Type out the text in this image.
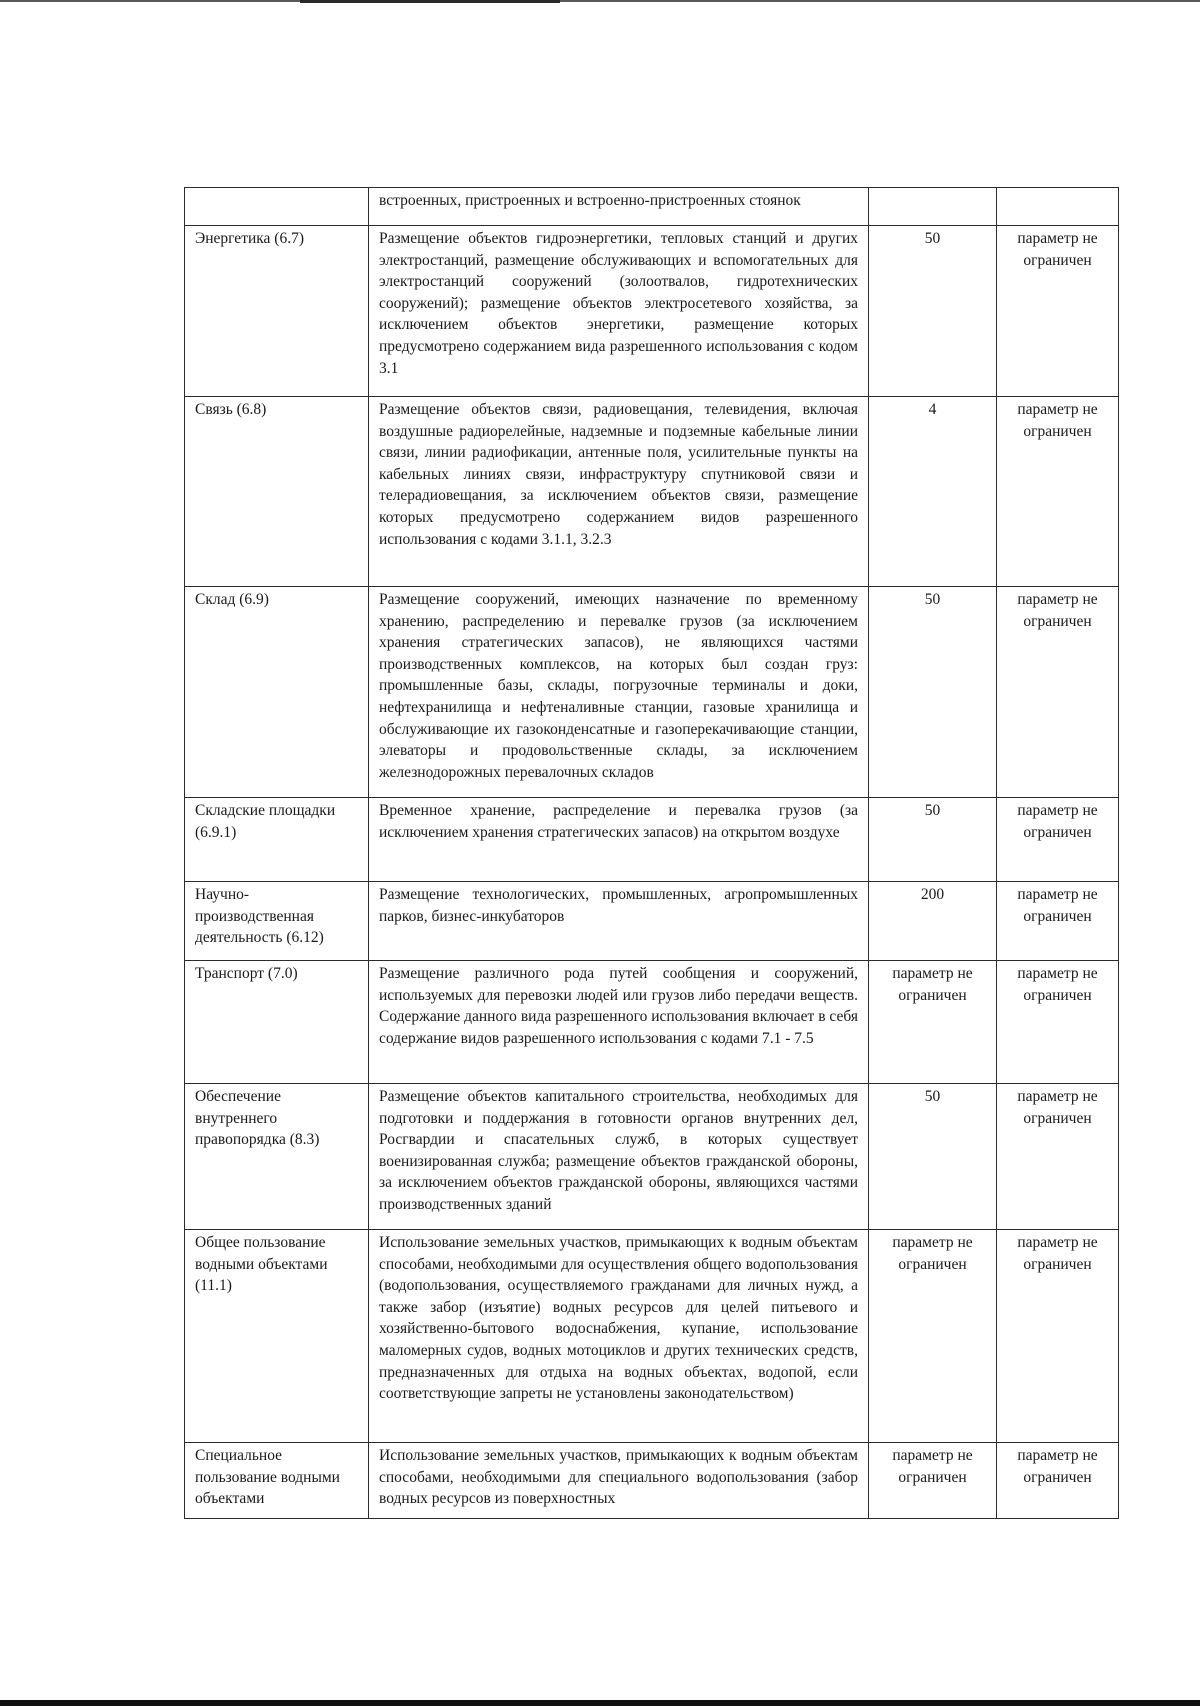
	встроенных, пристроенных и встроенно-пристроенных стоянок		
Энергетика (6.7)	Размещение объектов гидроэнергетики, тепловых станций и других электростанций, размещение обслуживающих и вспомогательных для электростанций сооружений (золоотвалов, гидротехнических сооружений); размещение объектов электросетевого хозяйства, за исключением объектов энергетики, размещение которых предусмотрено содержанием вида разрешенного использования с кодом 3.1	50	параметр не ограничен
Связь (6.8)	Размещение объектов связи, радиовещания, телевидения, включая воздушные радиорелейные, надземные и подземные кабельные линии связи, линии радиофикации, антенные поля, усилительные пункты на кабельных линиях связи, инфраструктуру спутниковой связи и телерадиовещания, за исключением объектов связи, размещение которых предусмотрено содержанием видов разрешенного использования с кодами 3.1.1, 3.2.3	4	параметр не ограничен
Склад (6.9)	Размещение сооружений, имеющих назначение по временному хранению, распределению и перевалке грузов (за исключением хранения стратегических запасов), не являющихся частями производственных комплексов, на которых был создан груз: промышленные базы, склады, погрузочные терминалы и доки, нефтехранилища и нефтеналивные станции, газовые хранилища и обслуживающие их газоконденсатные и газоперекачивающие станции, элеваторы и продовольственные склады, за исключением железнодорожных перевалочных складов	50	параметр не ограничен
Складские площадки (6.9.1)	Временное хранение, распределение и перевалка грузов (за исключением хранения стратегических запасов) на открытом воздухе	50	параметр не ограничен
Научно-производственная деятельность (6.12)	Размещение технологических, промышленных, агропромышленных парков, бизнес-инкубаторов	200	параметр не ограничен
Транспорт (7.0)	Размещение различного рода путей сообщения и сооружений, используемых для перевозки людей или грузов либо передачи веществ. Содержание данного вида разрешенного использования включает в себя содержание видов разрешенного использования с кодами 7.1 - 7.5	параметр не ограничен	параметр не ограничен
Обеспечение внутреннего правопорядка (8.3)	Размещение объектов капитального строительства, необходимых для подготовки и поддержания в готовности органов внутренних дел, Росгвардии и спасательных служб, в которых существует военизированная служба; размещение объектов гражданской обороны, за исключением объектов гражданской обороны, являющихся частями производственных зданий	50	параметр не ограничен
Общее пользование водными объектами (11.1)	Использование земельных участков, примыкающих к водным объектам способами, необходимыми для осуществления общего водопользования (водопользования, осуществляемого гражданами для личных нужд, а также забор (изъятие) водных ресурсов для целей питьевого и хозяйственно-бытового водоснабжения, купание, использование маломерных судов, водных мотоциклов и других технических средств, предназначенных для отдыха на водных объектах, водопой, если соответствующие запреты не установлены законодательством)	параметр не ограничен	параметр не ограничен
Специальное пользование водными объектами	Использование земельных участков, примыкающих к водным объектам способами, необходимыми для специального водопользования (забор водных ресурсов из поверхностных	параметр не ограничен	параметр не ограничен
